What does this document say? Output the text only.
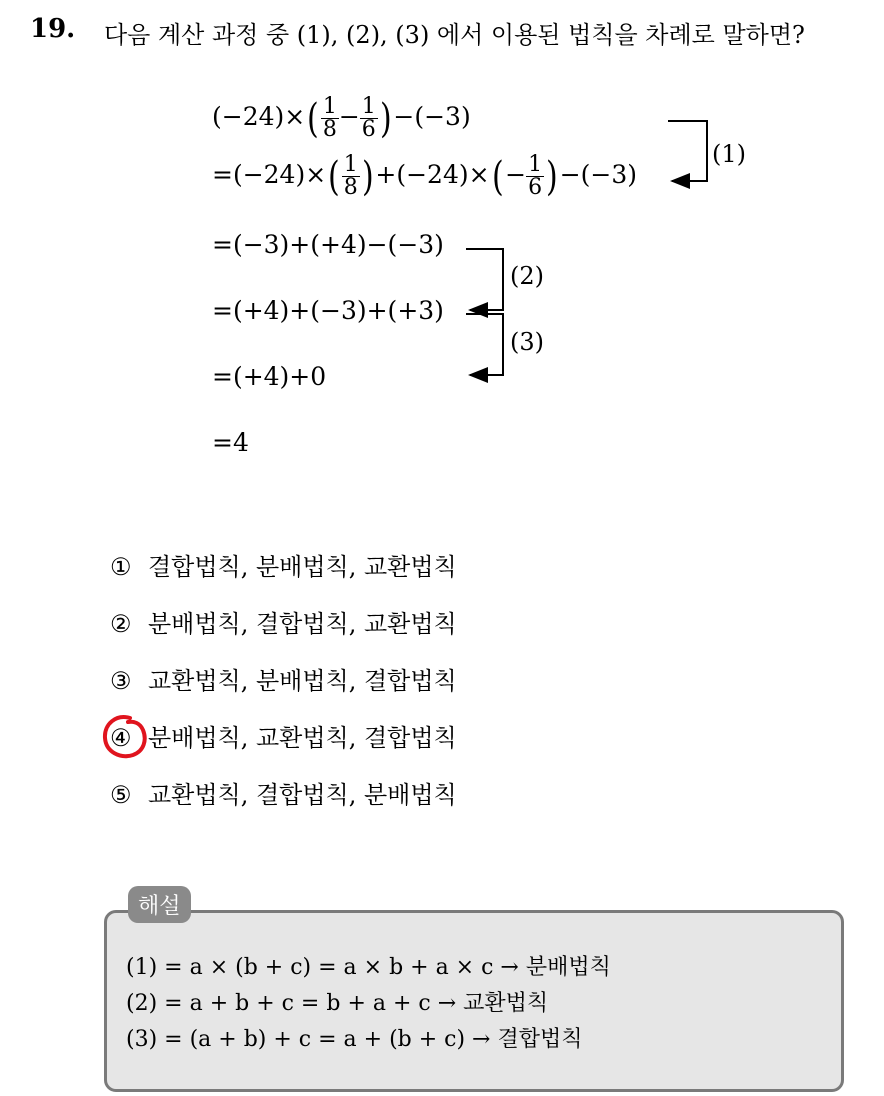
19. 다음 계산 과정 중 (1), (2), (3) 에서 이용된 법칙을 차례로 말하면?
$(-24)\times( \frac{1}{8} - \frac{1}{6} )-(-3)$
$=(-24)\times( \frac{1}{8} )+(-24)\times(- \frac{1}{6} )-(-3)$
=(−3)+(+4)−(−3)
=(+4)+(−3)+(+3)
=(+4)+0
=4
(1)
(2)
(3)
① 결합법칙, 분배법칙, 교환법칙
② 분배법칙, 결합법칙, 교환법칙
③ 교환법칙, 분배법칙, 결합법칙
④ 분배법칙, 교환법칙, 결합법칙
⑤ 교환법칙, 결합법칙, 분배법칙
해설
(1) = a × (b + c) = a × b + a × c → 분배법칙
(2) = a + b + c = b + a + c → 교환법칙
(3) = (a + b) + c = a + (b + c) → 결합법칙
